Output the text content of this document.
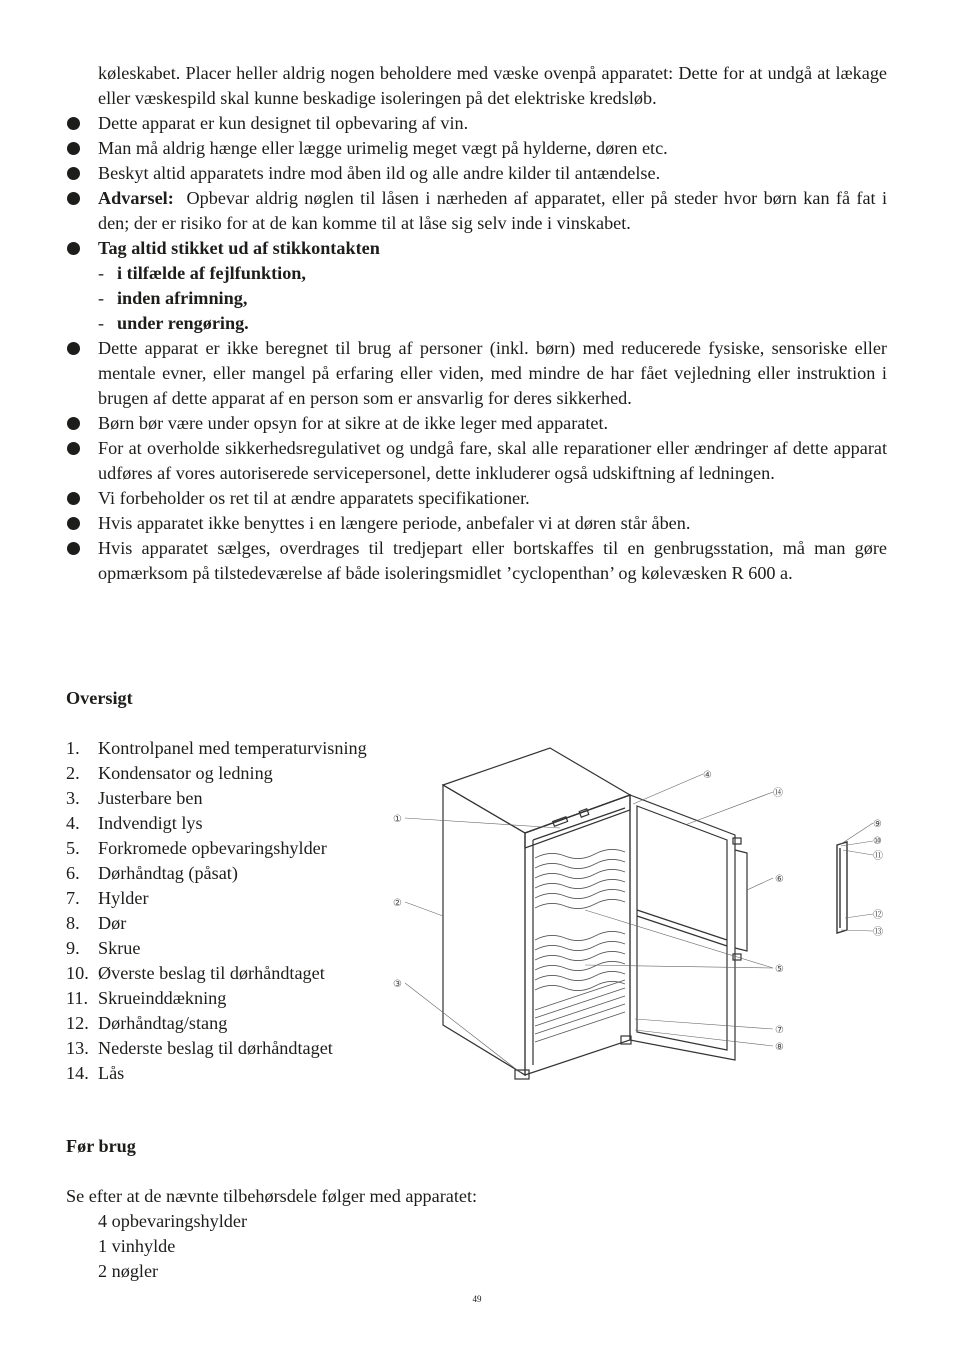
køleskabet. Placer heller aldrig nogen beholdere med væske ovenpå apparatet: Dette for at undgå at lækage eller væskespild skal kunne beskadige isoleringen på det elektriske kredsløb.

Dette apparat er kun designet til opbevaring af vin.
Man må aldrig hænge eller lægge urimelig meget vægt på hylderne, døren etc.
Beskyt altid apparatets indre mod åben ild og alle andre kilder til antændelse.
Advarsel: Opbevar aldrig nøglen til låsen i nærheden af apparatet, eller på steder hvor børn kan få fat i den; der er risiko for at de kan komme til at låse sig selv inde i vinskabet.
Tag altid stikket ud af stikkontakten
- i tilfælde af fejlfunktion,
- inden afrimning,
- under rengøring.
Dette apparat er ikke beregnet til brug af personer (inkl. børn) med reducerede fysiske, sensoriske eller mentale evner, eller mangel på erfaring eller viden, med mindre de har fået vejledning eller instruktion i brugen af dette apparat af en person som er ansvarlig for deres sikkerhed.
Børn bør være under opsyn for at sikre at de ikke leger med apparatet.
For at overholde sikkerhedsregulativet og undgå fare, skal alle reparationer eller ændringer af dette apparat udføres af vores autoriserede servicepersonel, dette inkluderer også udskiftning af ledningen.
Vi forbeholder os ret til at ændre apparatets specifikationer.
Hvis apparatet ikke benyttes i en længere periode, anbefaler vi at døren står åben.
Hvis apparatet sælges, overdrages til tredjepart eller bortskaffes til en genbrugsstation, må man gøre opmærksom på tilstedeværelse af både isoleringsmidlet ’cyclopenthan’ og kølevæsken R 600 a.
Oversigt
1. Kontrolpanel med temperaturvisning
2. Kondensator og ledning
3. Justerbare ben
4. Indvendigt lys
5. Forkromede opbevaringshylder
6. Dørhåndtag (påsat)
7. Hylder
8. Dør
9. Skrue
10. Øverste beslag til dørhåndtaget
11. Skrueinddækning
12. Dørhåndtag/stang
13. Nederste beslag til dørhåndtaget
14. Lås
①
②
③
④
⑤
⑥
⑦
⑧
⑨
⑩
⑪
⑫
⑬
⑭
Før brug
Se efter at de nævnte tilbehørsdele følger med apparatet:
4 opbevaringshylder
1 vinhylde
2 nøgler
49
